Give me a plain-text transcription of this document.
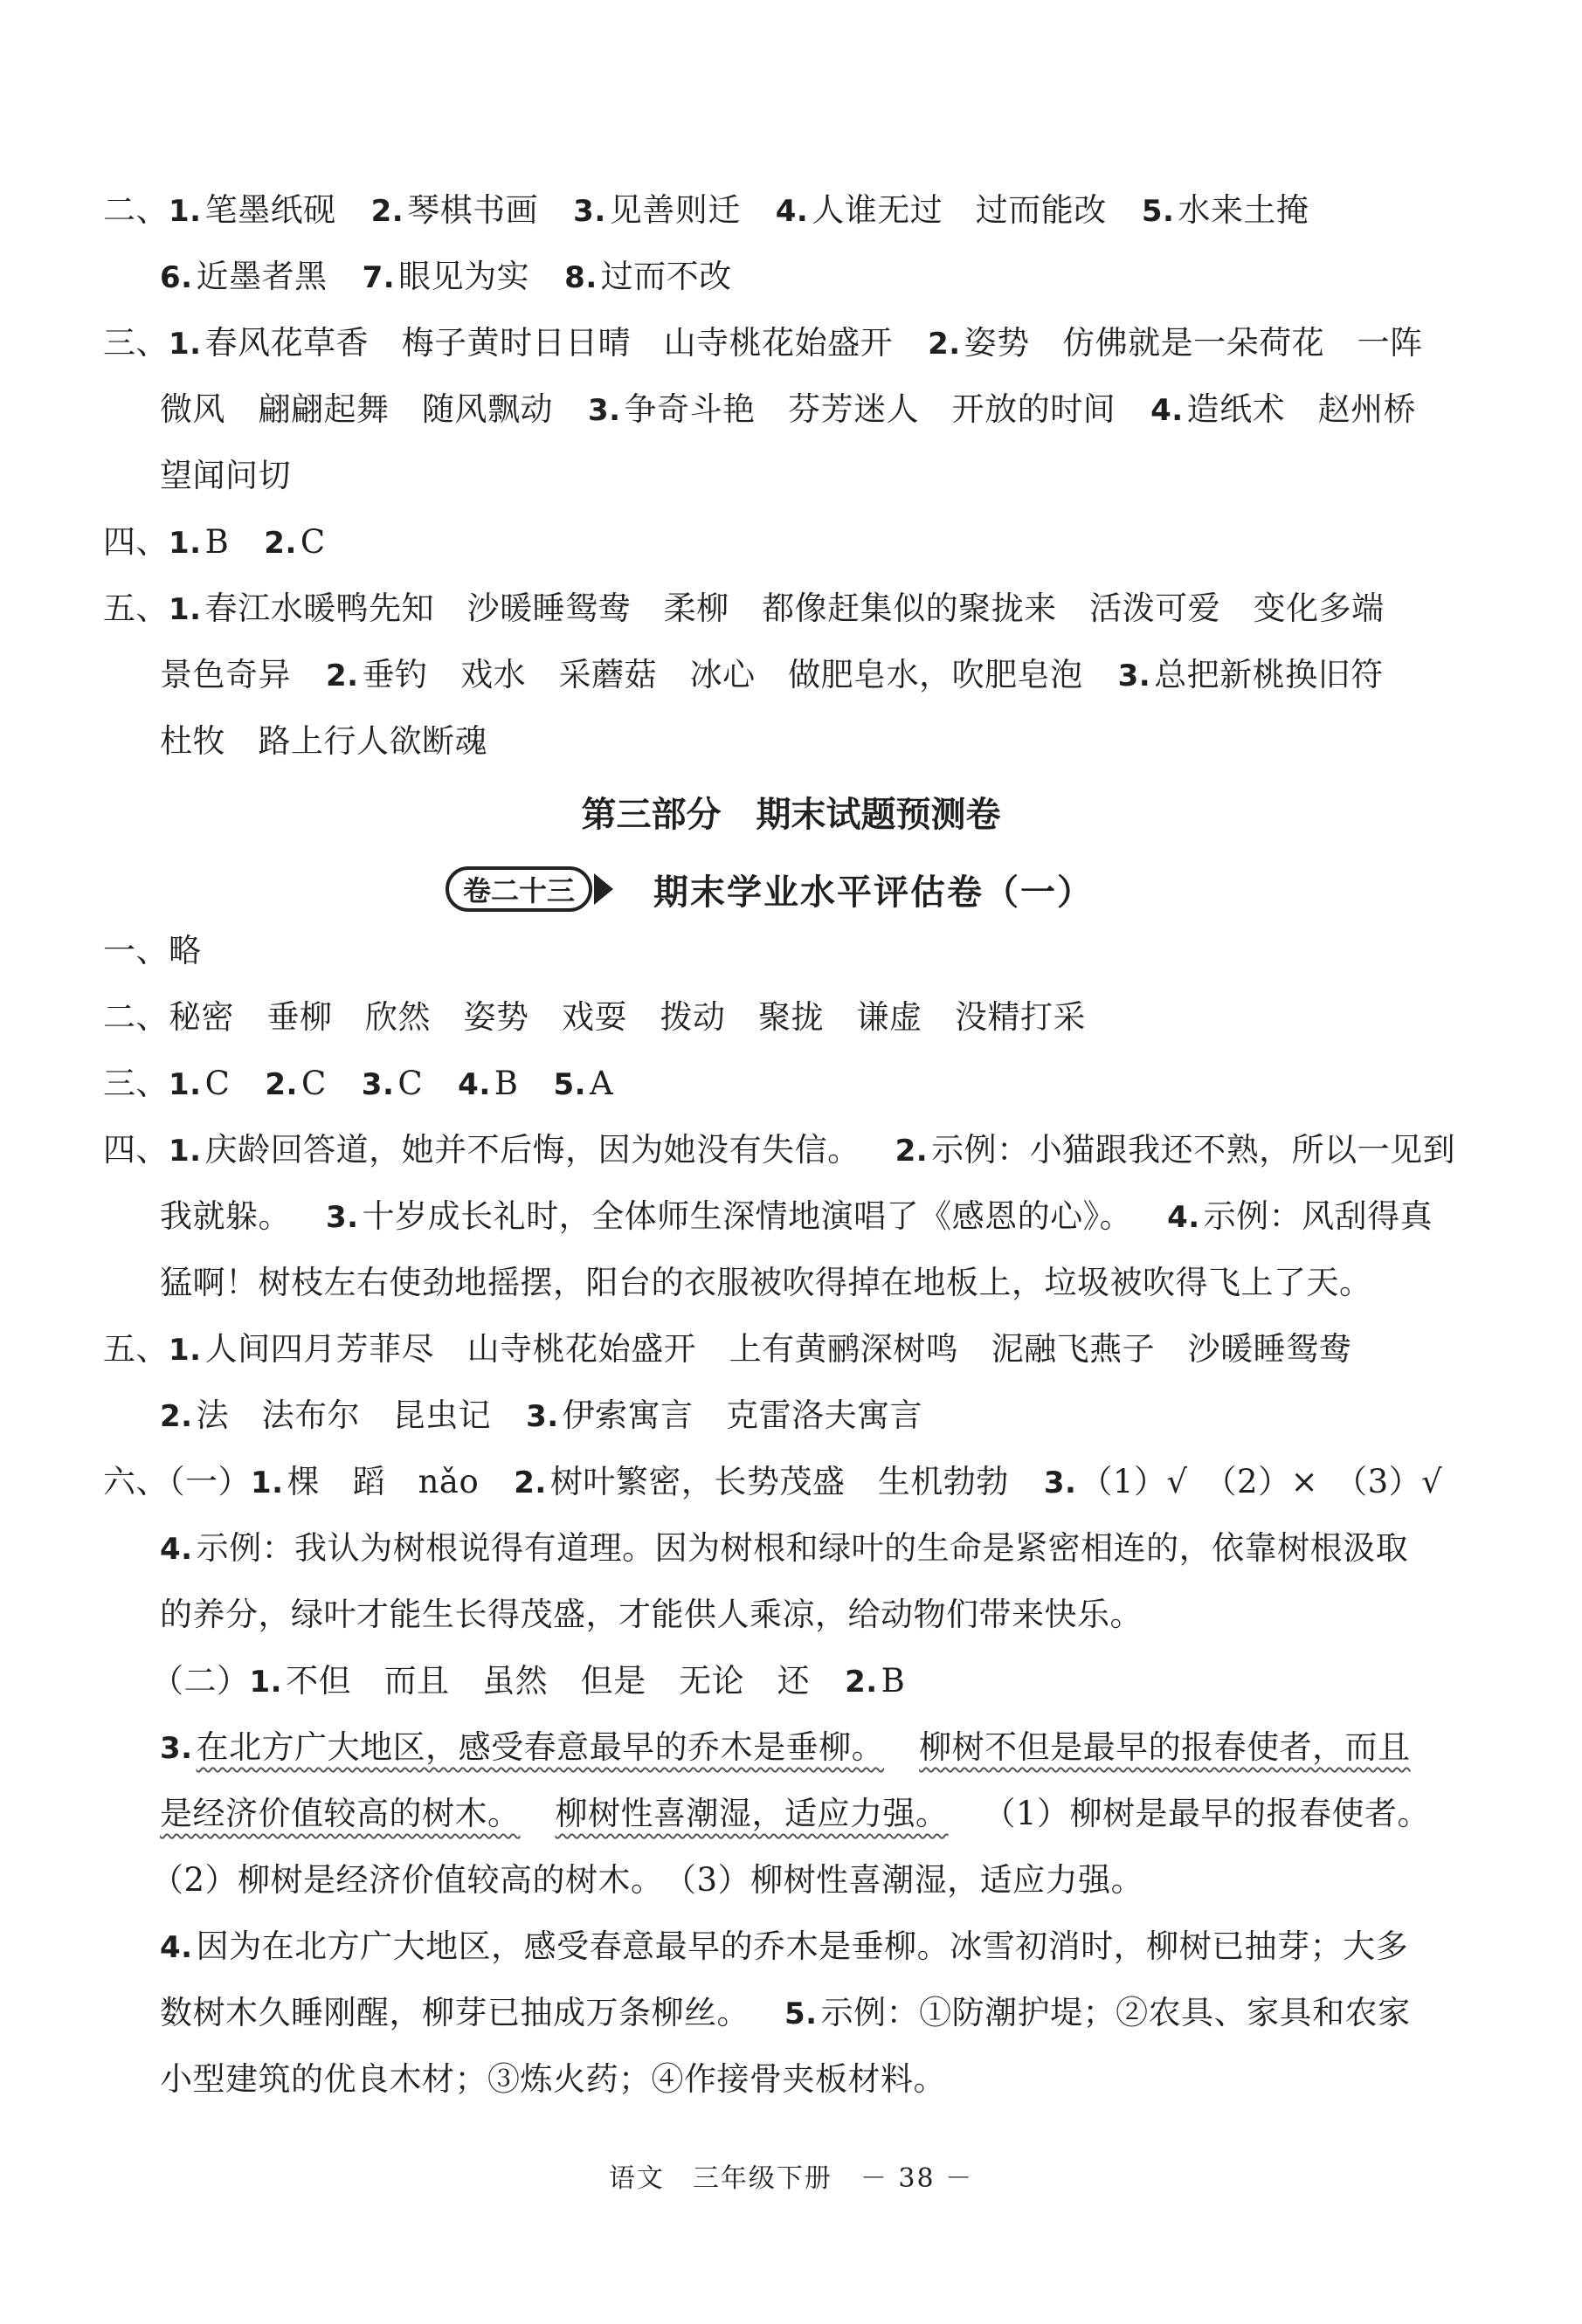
二、1. 笔墨纸砚 2. 琴棋书画 3. 见善则迁 4. 人谁无过　过而能改 5. 水来土掩
6. 近墨者黑 7. 眼见为实 8. 过而不改
三、1. 春风花草香　梅子黄时日日晴　山寺桃花始盛开 2. 姿势　仿佛就是一朵荷花　一阵
微风　翩翩起舞　随风飘动 3. 争奇斗艳　芬芳迷人　开放的时间 4. 造纸术　赵州桥
望闻问切
四、1. B 2. C
五、1. 春江水暖鸭先知　沙暖睡鸳鸯　柔柳　都像赶集似的聚拢来　活泼可爱　变化多端
景色奇异 2. 垂钓　戏水　采蘑菇　冰心　做肥皂水，吹肥皂泡 3. 总把新桃换旧符
杜牧　路上行人欲断魂
第三部分　期末试题预测卷
卷二十三	期末学业水平评估卷（一）
一、略
二、秘密　垂柳　欣然　姿势　戏耍　拨动　聚拢　谦虚　没精打采
三、1. C 2. C 3. C 4. B 5. A
四、1. 庆龄回答道，她并不后悔，因为她没有失信。 2. 示例：小猫跟我还不熟，所以一见到
我就躲。 3. 十岁成长礼时，全体师生深情地演唱了《感恩的心》。 4. 示例：风刮得真
猛啊！树枝左右使劲地摇摆，阳台的衣服被吹得掉在地板上，垃圾被吹得飞上了天。
五、1. 人间四月芳菲尽　山寺桃花始盛开　上有黄鹂深树鸣　泥融飞燕子　沙暖睡鸳鸯
2. 法　法布尔　昆虫记 3. 伊索寓言　克雷洛夫寓言
六、（一）1. 棵　蹈　nǎo 2. 树叶繁密，长势茂盛　生机勃勃 3. （1）√　（2）×　（3）√
4. 示例：我认为树根说得有道理。因为树根和绿叶的生命是紧密相连的，依靠树根汲取
的养分，绿叶才能生长得茂盛，才能供人乘凉，给动物们带来快乐。
（二）1. 不但　而且　虽然　但是　无论　还 2. B
3. 在北方广大地区，感受春意最早的乔木是垂柳。 柳树不但是最早的报春使者，而且
是经济价值较高的树木。 柳树性喜潮湿，适应力强。 （1）柳树是最早的报春使者。
（2）柳树是经济价值较高的树木。　（3）柳树性喜潮湿，适应力强。
4. 因为在北方广大地区，感受春意最早的乔木是垂柳。冰雪初消时，柳树已抽芽；大多
数树木久睡刚醒，柳芽已抽成万条柳丝。 5. 示例：①防潮护堤；②农具、家具和农家
小型建筑的优良木材；③炼火药；④作接骨夹板材料。
语文　三年级下册　－ 38 －
